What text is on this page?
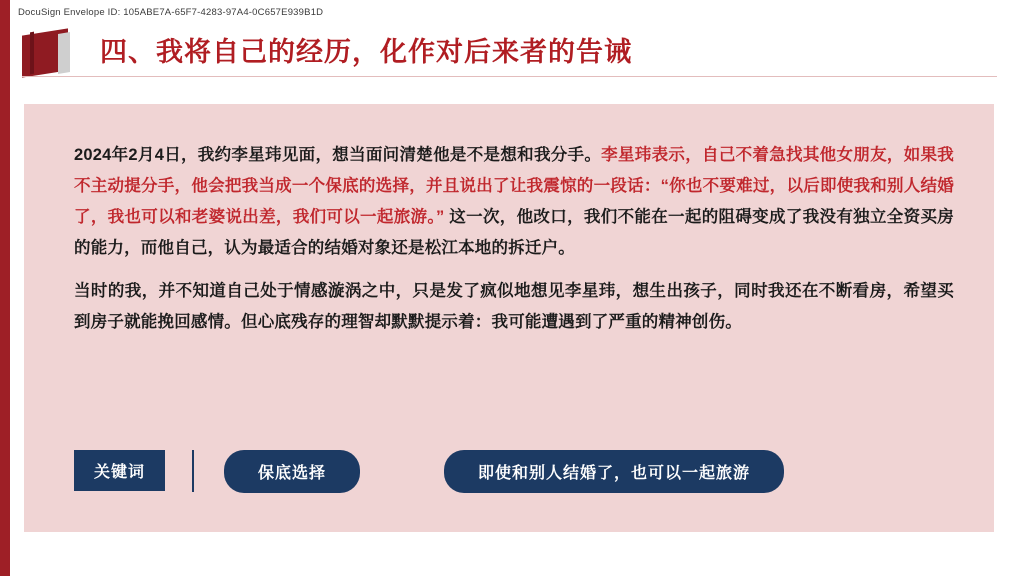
DocuSign Envelope ID: 105ABE7A-65F7-4283-97A4-0C657E939B1D
四、我将自己的经历，化作对后来者的告诫
2024年2月4日，我约李星玮见面，想当面问清楚他是不是想和我分手。李星玮表示，自己不着急找其他女朋友，如果我不主动提分手，他会把我当成一个保底的选择，并且说出了让我震惊的一段话：“你也不要难过，以后即使我和别人结婚了，我也可以和老婆说出差，我们可以一起旅游。” 这一次，他改口，我们不能在一起的阻碍变成了我没有独立全资买房的能力，而他自己，认为最适合的结婚对象还是松江本地的拆迁户。
当时的我，并不知道自己处于情感漩涡之中，只是发了疯似地想见李星玮，想生出孩子，同时我还在不断看房，希望买到房子就能挽回感情。但心底残存的理智却默默提示着：我可能遭遇到了严重的精神创伤。
关键词	保底选择	即使和别人结婚了，也可以一起旅游
